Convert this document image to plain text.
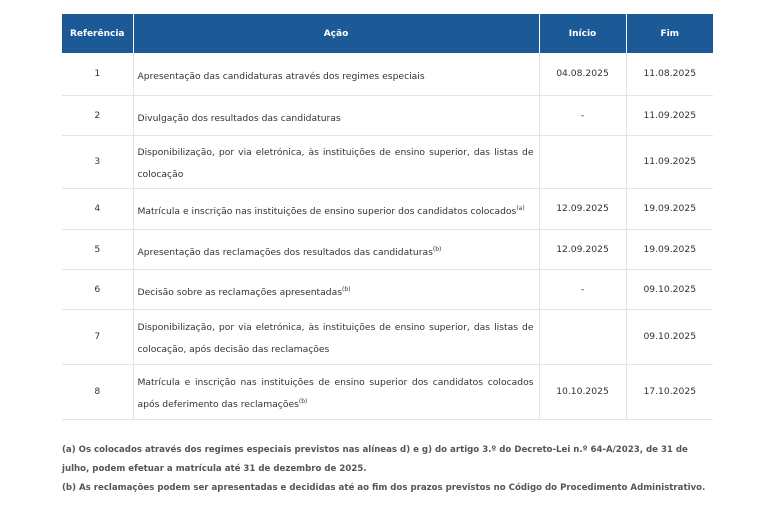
Referência	Ação	Início	Fim
1	Apresentação das candidaturas através dos regimes especiais	04.08.2025	11.08.2025
2	Divulgação dos resultados das candidaturas	-	11.09.2025
3	Disponibilização, por via eletrónica, às instituições de ensino superior, das listas de colocação		11.09.2025
4	Matrícula e inscrição nas instituições de ensino superior dos candidatos colocados$^{(a)}$	12.09.2025	19.09.2025
5	Apresentação das reclamações dos resultados das candidaturas$^{(b)}$	12.09.2025	19.09.2025
6	Decisão sobre as reclamações apresentadas$^{(b)}$	-	09.10.2025
7	Disponibilização, por via eletrónica, às instituições de ensino superior, das listas de colocação, após decisão das reclamações		09.10.2025
8	Matrícula e inscrição nas instituições de ensino superior dos candidatos colocados após deferimento das reclamações$^{(b)}$	10.10.2025	17.10.2025

(a) Os colocados através dos regimes especiais previstos nas alíneas d) e g) do artigo 3.º do Decreto-Lei n.º 64-A/2023, de 31 de julho, podem efetuar a matrícula até 31 de dezembro de 2025.

(b) As reclamações podem ser apresentadas e decididas até ao fim dos prazos previstos no Código do Procedimento Administrativo.
